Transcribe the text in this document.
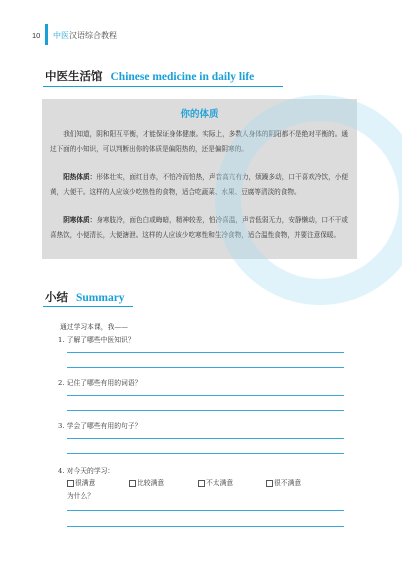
10 中医汉语综合教程
中医生活馆 Chinese medicine in daily life
你的体质
我们知道，阴和阳互平衡，才能保证身体健康。实际上，多数人身体的阴阳都不是绝对平衡的。通过下面的小知识，可以判断出你的体质是偏阳热的，还是偏阴寒的。
阳热体质：形体壮实，面红目赤，不怕冷而怕热，声音高亢有力，烦躁多动，口干喜欢冷饮，小便黄，大便干。这样的人应该少吃热性的食物，适合吃蔬菜、水果、豆腐等清淡的食物。
阴寒体质：身寒肢冷，面色白或晦暗，精神较差，怕冷喜温，声音低弱无力，安静懒动，口不干或喜热饮，小便清长，大便溏泄。这样的人应该少吃寒性和生冷食物，适合温性食物，并要注意保暖。
小结 Summary
通过学习本课，我——
1. 了解了哪些中医知识？
2. 记住了哪些有用的词语？
3. 学会了哪些有用的句子？
4. 对今天的学习：
很满意	比较满意	不太满意	很不满意
为什么？
